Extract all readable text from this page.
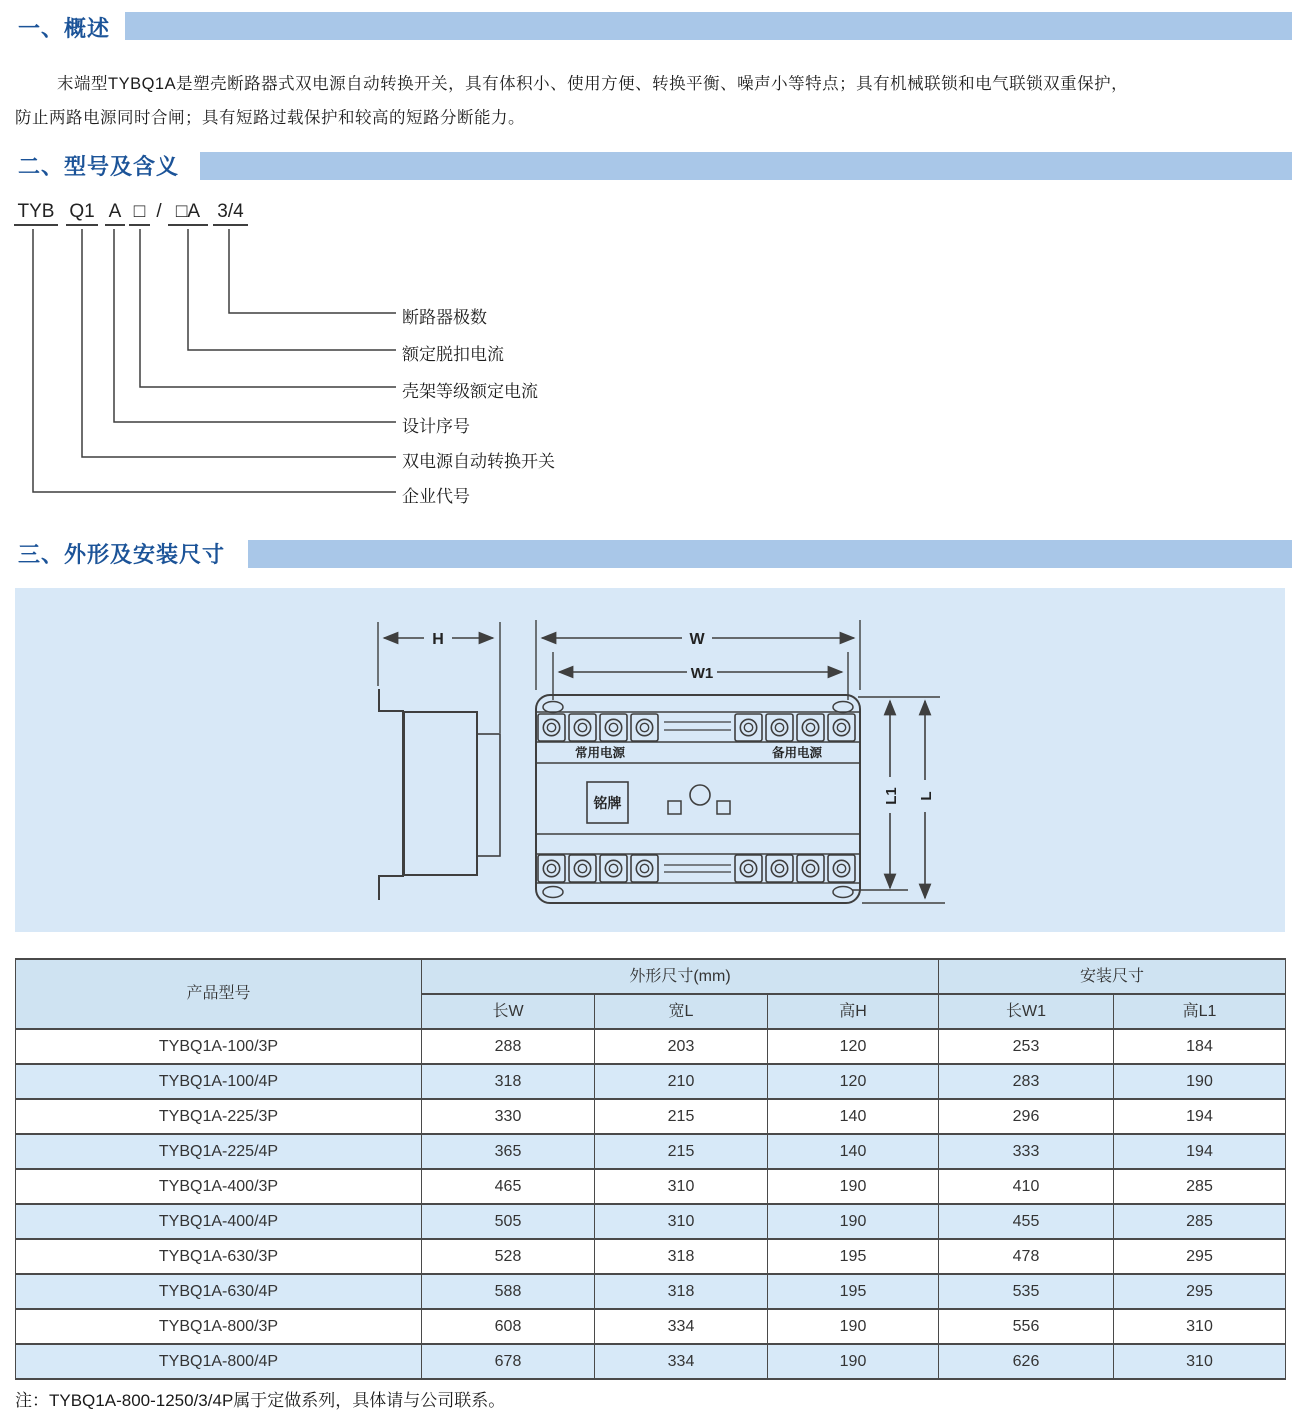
一、概述
末端型TYBQ1A是塑壳断路器式双电源自动转换开关，具有体积小、使用方便、转换平衡、噪声小等特点；具有机械联锁和电气联锁双重保护，
防止两路电源同时合闸；具有短路过载保护和较高的短路分断能力。
二、型号及含义
TYB Q1 A □ / □A 3/4
断路器极数
额定脱扣电流
壳架等级额定电流
设计序号
双电源自动转换开关
企业代号
三、外形及安装尺寸
H	W
W1
常用电源	备用电源
铭牌	L1 L
产品型号	外形尺寸(mm)			安装尺寸	
	长W	宽L	高H	长W1	高L1
TYBQ1A-100/3P	288	203	120	253	184
TYBQ1A-100/4P	318	210	120	283	190
TYBQ1A-225/3P	330	215	140	296	194
TYBQ1A-225/4P	365	215	140	333	194
TYBQ1A-400/3P	465	310	190	410	285
TYBQ1A-400/4P	505	310	190	455	285
TYBQ1A-630/3P	528	318	195	478	295
TYBQ1A-630/4P	588	318	195	535	295
TYBQ1A-800/3P	608	334	190	556	310
TYBQ1A-800/4P	678	334	190	626	310
注：TYBQ1A-800-1250/3/4P属于定做系列，具体请与公司联系。
